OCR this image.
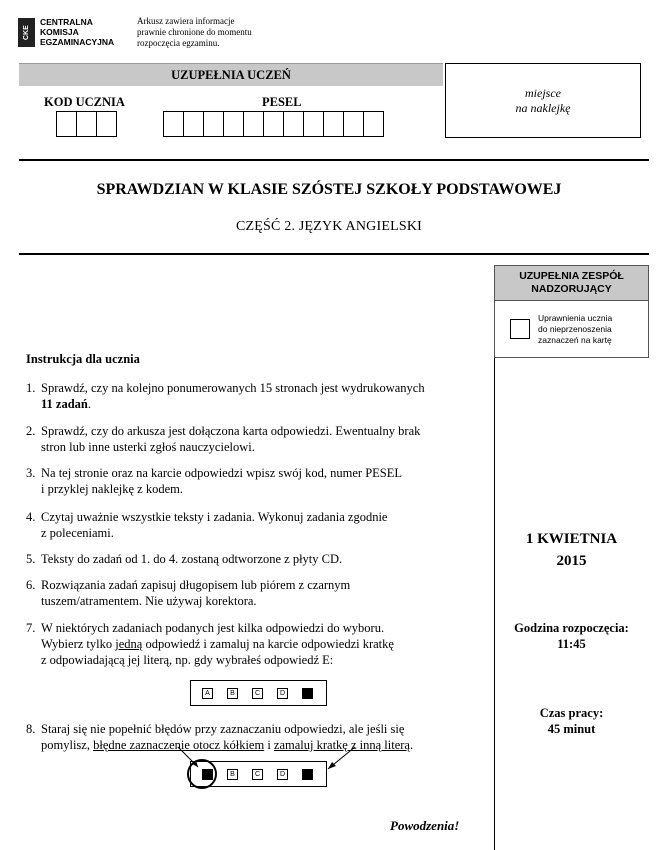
CKE
CENTRALNA
KOMISJA
EGZAMINACYJNA
Arkusz zawiera informacje
prawnie chronione do momentu
rozpoczęcia egzaminu.
UZUPEŁNIA UCZEŃ
KOD UCZNIA	PESEL
miejsce
na naklejkę
SPRAWDZIAN W KLASIE SZÓSTEJ SZKOŁY PODSTAWOWEJ
CZĘŚĆ 2. JĘZYK ANGIELSKI
UZUPEŁNIA ZESPÓŁ
NADZORUJĄCY
Uprawnienia ucznia
do nieprzenoszenia
zaznaczeń na kartę
1 KWIETNIA
2015
Godzina rozpoczęcia:
11:45
Czas pracy:
45 minut
Instrukcja dla ucznia
1. Sprawdź, czy na kolejno ponumerowanych 15 stronach jest wydrukowanych
11 zadań.
2. Sprawdź, czy do arkusza jest dołączona karta odpowiedzi. Ewentualny brak
stron lub inne usterki zgłoś nauczycielowi.
3. Na tej stronie oraz na karcie odpowiedzi wpisz swój kod, numer PESEL
i przyklej naklejkę z kodem.
4. Czytaj uważnie wszystkie teksty i zadania. Wykonuj zadania zgodnie
z poleceniami.
5. Teksty do zadań od 1. do 4. zostaną odtworzone z płyty CD.
6. Rozwiązania zadań zapisuj długopisem lub piórem z czarnym
tuszem/atramentem. Nie używaj korektora.
7. W niektórych zadaniach podanych jest kilka odpowiedzi do wyboru.
Wybierz tylko jedną odpowiedź i zamaluj na karcie odpowiedzi kratkę
z odpowiadającą jej literą, np. gdy wybrałeś odpowiedź E:
A	B	C	D
8. Staraj się nie popełnić błędów przy zaznaczaniu odpowiedzi, ale jeśli się
pomylisz, błędne zaznaczenie otocz kółkiem i zamaluj kratkę z inną literą.
B	C	D
Powodzenia!
